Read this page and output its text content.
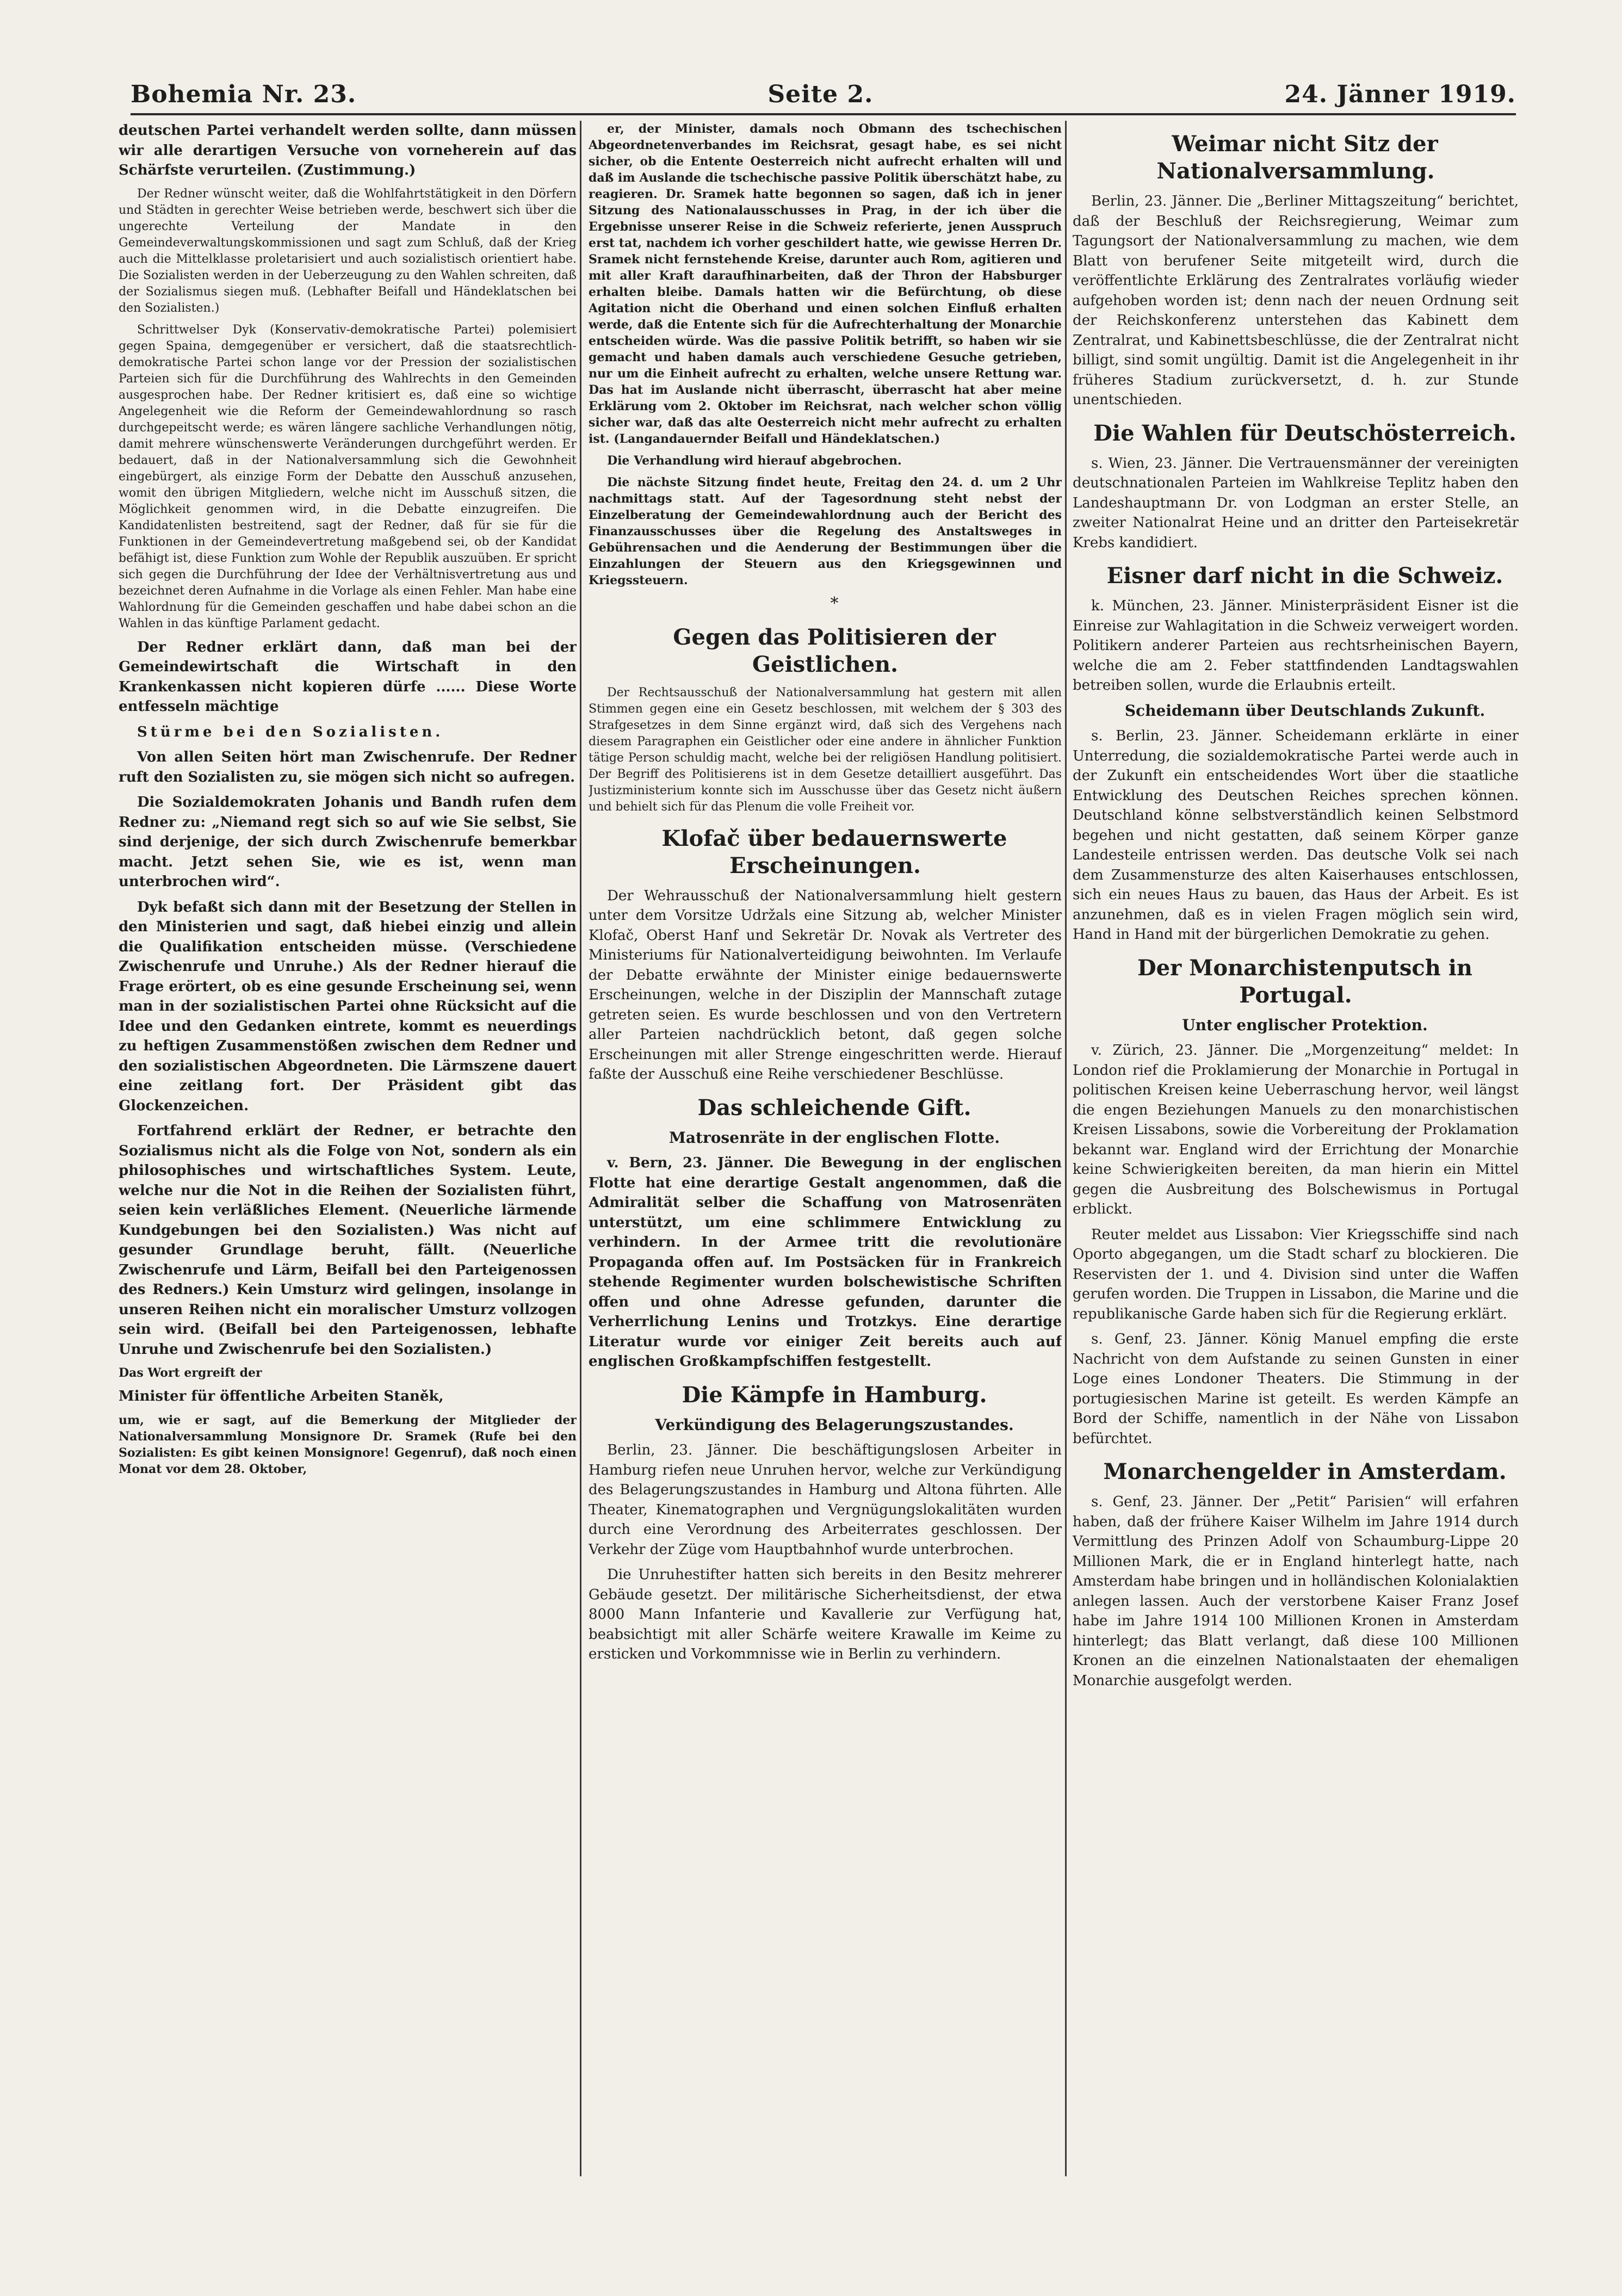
Bohemia Nr. 23.	Seite 2.	24. Jänner 1919.

deutschen Partei verhandelt werden sollte, dann müssen wir alle derartigen Versuche von vorneherein auf das Schärfste verurteilen. (Zustimmung.)

Der Redner wünscht weiter, daß die Wohlfahrtstätigkeit in den Dörfern und Städten in gerechter Weise betrieben werde, beschwert sich über die ungerechte Verteilung der Mandate in den Gemeindeverwaltungskommissionen und sagt zum Schluß, daß der Krieg auch die Mittelklasse proletarisiert und auch sozialistisch orientiert habe. Die Sozialisten werden in der Ueberzeugung zu den Wahlen schreiten, daß der Sozialismus siegen muß. (Lebhafter Beifall und Händeklatschen bei den Sozialisten.)

Schrittwelser Dyk (Konservativ-demokratische Partei) polemisiert gegen Spaina, demgegenüber er versichert, daß die staatsrechtlich-demokratische Partei schon lange vor der Pression der sozialistischen Parteien sich für die Durchführung des Wahlrechts in den Gemeinden ausgesprochen habe. Der Redner kritisiert es, daß eine so wichtige Angelegenheit wie die Reform der Gemeindewahlordnung so rasch durchgepeitscht werde; es wären längere sachliche Verhandlungen nötig, damit mehrere wünschenswerte Veränderungen durchgeführt werden. Er bedauert, daß in der Nationalversammlung sich die Gewohnheit eingebürgert, als einzige Form der Debatte den Ausschuß anzusehen, womit den übrigen Mitgliedern, welche nicht im Ausschuß sitzen, die Möglichkeit genommen wird, in die Debatte einzugreifen. Die Kandidatenlisten bestreitend, sagt der Redner, daß für sie für die Funktionen in der Gemeindevertretung maßgebend sei, ob der Kandidat befähigt ist, diese Funktion zum Wohle der Republik auszuüben. Er spricht sich gegen die Durchführung der Idee der Verhältnisvertretung aus und bezeichnet deren Aufnahme in die Vorlage als einen Fehler. Man habe eine Wahlordnung für die Gemeinden geschaffen und habe dabei schon an die Wahlen in das künftige Parlament gedacht.

Der Redner erklärt dann, daß man bei der Gemeindewirtschaft die Wirtschaft in den Krankenkassen nicht kopieren dürfe ...... Diese Worte entfesseln mächtige

Stürme bei den Sozialisten.

Von allen Seiten hört man Zwischenrufe. Der Redner ruft den Sozialisten zu, sie mögen sich nicht so aufregen.

Die Sozialdemokraten Johanis und Bandh rufen dem Redner zu: „Niemand regt sich so auf wie Sie selbst, Sie sind derjenige, der sich durch Zwischenrufe bemerkbar macht. Jetzt sehen Sie, wie es ist, wenn man unterbrochen wird“.

Dyk befaßt sich dann mit der Besetzung der Stellen in den Ministerien und sagt, daß hiebei einzig und allein die Qualifikation entscheiden müsse. (Verschiedene Zwischenrufe und Unruhe.) Als der Redner hierauf die Frage erörtert, ob es eine gesunde Erscheinung sei, wenn man in der sozialistischen Partei ohne Rücksicht auf die Idee und den Gedanken eintrete, kommt es neuerdings zu heftigen Zusammenstößen zwischen dem Redner und den sozialistischen Abgeordneten. Die Lärmszene dauert eine zeitlang fort. Der Präsident gibt das Glockenzeichen.

Fortfahrend erklärt der Redner, er betrachte den Sozialismus nicht als die Folge von Not, sondern als ein philosophisches und wirtschaftliches System. Leute, welche nur die Not in die Reihen der Sozialisten führt, seien kein verläßliches Element. (Neuerliche lärmende Kundgebungen bei den Sozialisten.) Was nicht auf gesunder Grundlage beruht, fällt. (Neuerliche Zwischenrufe und Lärm, Beifall bei den Parteigenossen des Redners.) Kein Umsturz wird gelingen, insolange in unseren Reihen nicht ein moralischer Umsturz vollzogen sein wird. (Beifall bei den Parteigenossen, lebhafte Unruhe und Zwischenrufe bei den Sozialisten.)

Das Wort ergreift der

Minister für öffentliche Arbeiten Staněk,

um, wie er sagt, auf die Bemerkung der Mitglieder der Nationalversammlung Monsignore Dr. Sramek (Rufe bei den Sozialisten: Es gibt keinen Monsignore! Gegenruf), daß noch einen Monat vor dem 28. Oktober,

er, der Minister, damals noch Obmann des tschechischen Abgeordnetenverbandes im Reichsrat, gesagt habe, es sei nicht sicher, ob die Entente Oesterreich nicht aufrecht erhalten will und daß im Auslande die tschechische passive Politik überschätzt habe, zu reagieren. Dr. Sramek hatte begonnen so sagen, daß ich in jener Sitzung des Nationalausschusses in Prag, in der ich über die Ergebnisse unserer Reise in die Schweiz referierte, jenen Ausspruch erst tat, nachdem ich vorher geschildert hatte, wie gewisse Herren Dr. Sramek nicht fernstehende Kreise, darunter auch Rom, agitieren und mit aller Kraft daraufhinarbeiten, daß der Thron der Habsburger erhalten bleibe. Damals hatten wir die Befürchtung, ob diese Agitation nicht die Oberhand und einen solchen Einfluß erhalten werde, daß die Entente sich für die Aufrechterhaltung der Monarchie entscheiden würde. Was die passive Politik betrifft, so haben wir sie gemacht und haben damals auch verschiedene Gesuche getrieben, nur um die Einheit aufrecht zu erhalten, welche unsere Rettung war. Das hat im Auslande nicht überrascht, überrascht hat aber meine Erklärung vom 2. Oktober im Reichsrat, nach welcher schon völlig sicher war, daß das alte Oesterreich nicht mehr aufrecht zu erhalten ist. (Langandauernder Beifall und Händeklatschen.)

Die Verhandlung wird hierauf abgebrochen.

Die nächste Sitzung findet heute, Freitag den 24. d. um 2 Uhr nachmittags statt. Auf der Tagesordnung steht nebst der Einzelberatung der Gemeindewahlordnung auch der Bericht des Finanzausschusses über die Regelung des Anstaltsweges in Gebührensachen und die Aenderung der Bestimmungen über die Einzahlungen der Steuern aus den Kriegsgewinnen und Kriegssteuern.

*

Gegen das Politisieren der Geistlichen.

Der Rechtsausschuß der Nationalversammlung hat gestern mit allen Stimmen gegen eine ein Gesetz beschlossen, mit welchem der § 303 des Strafgesetzes in dem Sinne ergänzt wird, daß sich des Vergehens nach diesem Paragraphen ein Geistlicher oder eine andere in ähnlicher Funktion tätige Person schuldig macht, welche bei der religiösen Handlung politisiert. Der Begriff des Politisierens ist in dem Gesetze detailliert ausgeführt. Das Justizministerium konnte sich im Ausschusse über das Gesetz nicht äußern und behielt sich für das Plenum die volle Freiheit vor.

Klofač über bedauernswerte Erscheinungen.

Der Wehrausschuß der Nationalversammlung hielt gestern unter dem Vorsitze Udržals eine Sitzung ab, welcher Minister Klofač, Oberst Hanf und Sekretär Dr. Novak als Vertreter des Ministeriums für Nationalverteidigung beiwohnten. Im Verlaufe der Debatte erwähnte der Minister einige bedauernswerte Erscheinungen, welche in der Disziplin der Mannschaft zutage getreten seien. Es wurde beschlossen und von den Vertretern aller Parteien nachdrücklich betont, daß gegen solche Erscheinungen mit aller Strenge eingeschritten werde. Hierauf faßte der Ausschuß eine Reihe verschiedener Beschlüsse.

Das schleichende Gift.

Matrosenräte in der englischen Flotte.

v. Bern, 23. Jänner. Die Bewegung in der englischen Flotte hat eine derartige Gestalt angenommen, daß die Admiralität selber die Schaffung von Matrosenräten unterstützt, um eine schlimmere Entwicklung zu verhindern. In der Armee tritt die revolutionäre Propaganda offen auf. Im Postsäcken für in Frankreich stehende Regimenter wurden bolschewistische Schriften offen und ohne Adresse gefunden, darunter die Verherrlichung Lenins und Trotzkys. Eine derartige Literatur wurde vor einiger Zeit bereits auch auf englischen Großkampfschiffen festgestellt.

Die Kämpfe in Hamburg.

Verkündigung des Belagerungszustandes.

Berlin, 23. Jänner. Die beschäftigungslosen Arbeiter in Hamburg riefen neue Unruhen hervor, welche zur Verkündigung des Belagerungszustandes in Hamburg und Altona führten. Alle Theater, Kinematographen und Vergnügungslokalitäten wurden durch eine Verordnung des Arbeiterrates geschlossen. Der Verkehr der Züge vom Hauptbahnhof wurde unterbrochen.

Die Unruhestifter hatten sich bereits in den Besitz mehrerer Gebäude gesetzt. Der militärische Sicherheitsdienst, der etwa 8000 Mann Infanterie und Kavallerie zur Verfügung hat, beabsichtigt mit aller Schärfe weitere Krawalle im Keime zu ersticken und Vorkommnisse wie in Berlin zu verhindern.

Weimar nicht Sitz der Nationalversammlung.

Berlin, 23. Jänner. Die „Berliner Mittagszeitung“ berichtet, daß der Beschluß der Reichsregierung, Weimar zum Tagungsort der Nationalversammlung zu machen, wie dem Blatt von berufener Seite mitgeteilt wird, durch die veröffentlichte Erklärung des Zentralrates vorläufig wieder aufgehoben worden ist; denn nach der neuen Ordnung seit der Reichskonferenz unterstehen das Kabinett dem Zentralrat, und Kabinettsbeschlüsse, die der Zentralrat nicht billigt, sind somit ungültig. Damit ist die Angelegenheit in ihr früheres Stadium zurückversetzt, d. h. zur Stunde unentschieden.

Die Wahlen für Deutschösterreich.

s. Wien, 23. Jänner. Die Vertrauensmänner der vereinigten deutschnationalen Parteien im Wahlkreise Teplitz haben den Landeshauptmann Dr. von Lodgman an erster Stelle, an zweiter Nationalrat Heine und an dritter den Parteisekretär Krebs kandidiert.

Eisner darf nicht in die Schweiz.

k. München, 23. Jänner. Ministerpräsident Eisner ist die Einreise zur Wahlagitation in die Schweiz verweigert worden. Politikern anderer Parteien aus rechtsrheinischen Bayern, welche die am 2. Feber stattfindenden Landtagswahlen betreiben sollen, wurde die Erlaubnis erteilt.

Scheidemann über Deutschlands Zukunft.

s. Berlin, 23. Jänner. Scheidemann erklärte in einer Unterredung, die sozialdemokratische Partei werde auch in der Zukunft ein entscheidendes Wort über die staatliche Entwicklung des Deutschen Reiches sprechen können. Deutschland könne selbstverständlich keinen Selbstmord begehen und nicht gestatten, daß seinem Körper ganze Landesteile entrissen werden. Das deutsche Volk sei nach dem Zusammensturze des alten Kaiserhauses entschlossen, sich ein neues Haus zu bauen, das Haus der Arbeit. Es ist anzunehmen, daß es in vielen Fragen möglich sein wird, Hand in Hand mit der bürgerlichen Demokratie zu gehen.

Der Monarchistenputsch in Portugal.

Unter englischer Protektion.

v. Zürich, 23. Jänner. Die „Morgenzeitung“ meldet: In London rief die Proklamierung der Monarchie in Portugal in politischen Kreisen keine Ueberraschung hervor, weil längst die engen Beziehungen Manuels zu den monarchistischen Kreisen Lissabons, sowie die Vorbereitung der Proklamation bekannt war. England wird der Errichtung der Monarchie keine Schwierigkeiten bereiten, da man hierin ein Mittel gegen die Ausbreitung des Bolschewismus in Portugal erblickt.

Reuter meldet aus Lissabon: Vier Kriegsschiffe sind nach Oporto abgegangen, um die Stadt scharf zu blockieren. Die Reservisten der 1. und 4. Division sind unter die Waffen gerufen worden. Die Truppen in Lissabon, die Marine und die republikanische Garde haben sich für die Regierung erklärt.

s. Genf, 23. Jänner. König Manuel empfing die erste Nachricht von dem Aufstande zu seinen Gunsten in einer Loge eines Londoner Theaters. Die Stimmung in der portugiesischen Marine ist geteilt. Es werden Kämpfe an Bord der Schiffe, namentlich in der Nähe von Lissabon befürchtet.

Monarchengelder in Amsterdam.

s. Genf, 23. Jänner. Der „Petit“ Parisien“ will erfahren haben, daß der frühere Kaiser Wilhelm im Jahre 1914 durch Vermittlung des Prinzen Adolf von Schaumburg-Lippe 20 Millionen Mark, die er in England hinterlegt hatte, nach Amsterdam habe bringen und in holländischen Kolonialaktien anlegen lassen. Auch der verstorbene Kaiser Franz Josef habe im Jahre 1914 100 Millionen Kronen in Amsterdam hinterlegt; das Blatt verlangt, daß diese 100 Millionen Kronen an die einzelnen Nationalstaaten der ehemaligen Monarchie ausgefolgt werden.
